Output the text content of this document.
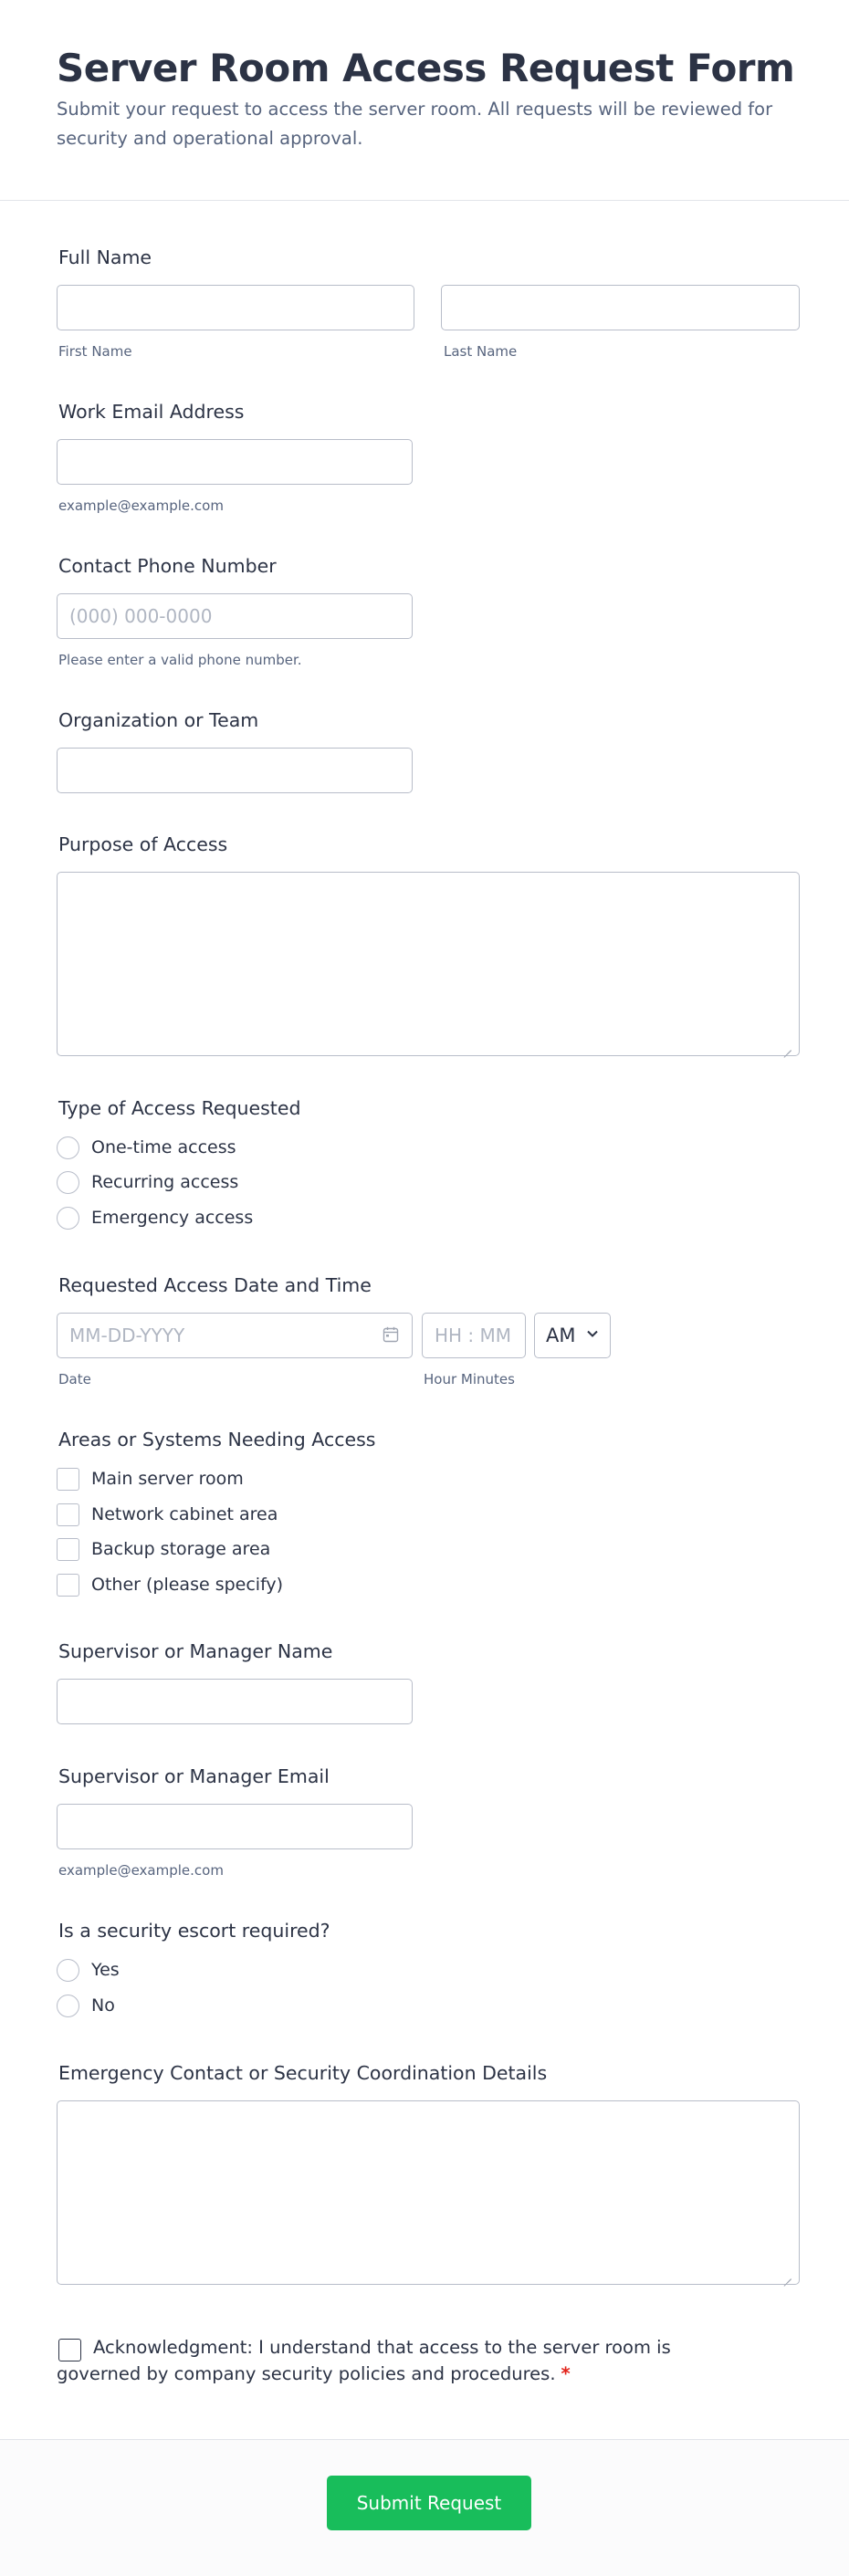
Server Room Access Request Form

Submit your request to access the server room. All requests will be reviewed for security and operational approval.

Full Name
First Name	Last Name
Work Email Address
example@example.com
Contact Phone Number
(000) 000-0000
Please enter a valid phone number.
Organization or Team
Purpose of Access
Type of Access Requested
One-time access
Recurring access
Emergency access
Requested Access Date and Time
MM-DD-YYYY
Date
HH : MM	Hour Minutes
AM
Areas or Systems Needing Access
Main server room
Network cabinet area
Backup storage area
Other (please specify)
Supervisor or Manager Name
Supervisor or Manager Email
example@example.com
Is a security escort required?
Yes
No
Emergency Contact or Security Coordination Details
Acknowledgment: I understand that access to the server room is governed by company security policies and procedures. *
Submit Request
